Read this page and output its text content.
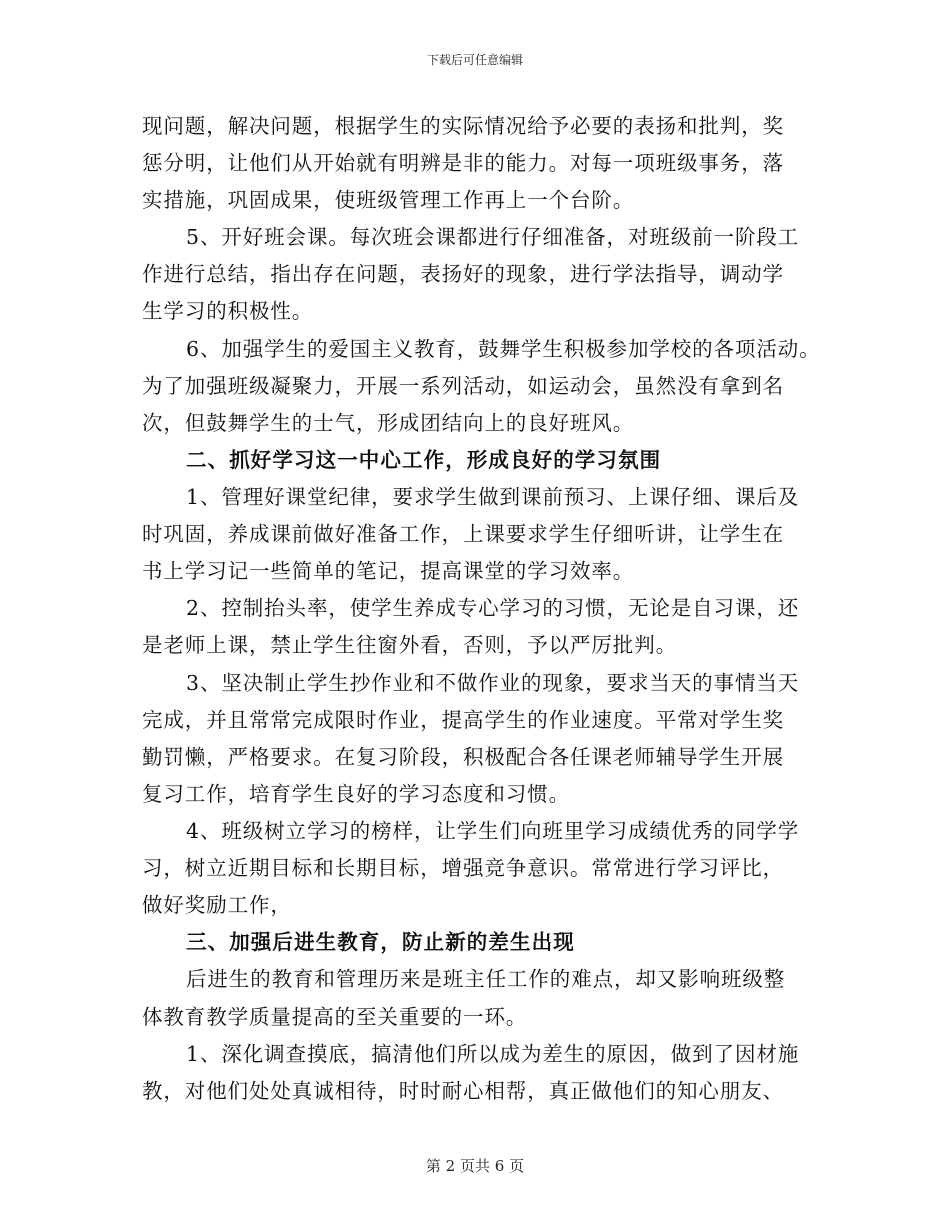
下载后可任意编辑
现问题，解决问题，根据学生的实际情况给予必要的表扬和批判，奖
惩分明，让他们从开始就有明辨是非的能力。对每一项班级事务，落
实措施，巩固成果，使班级管理工作再上一个台阶。
5、开好班会课。每次班会课都进行仔细准备，对班级前一阶段工
作进行总结，指出存在问题，表扬好的现象，进行学法指导，调动学
生学习的积极性。
6、加强学生的爱国主义教育，鼓舞学生积极参加学校的各项活动。
为了加强班级凝聚力，开展一系列活动，如运动会，虽然没有拿到名
次，但鼓舞学生的士气，形成团结向上的良好班风。
二、抓好学习这一中心工作，形成良好的学习氛围
1、管理好课堂纪律，要求学生做到课前预习、上课仔细、课后及
时巩固，养成课前做好准备工作，上课要求学生仔细听讲，让学生在
书上学习记一些简单的笔记，提高课堂的学习效率。
2、控制抬头率，使学生养成专心学习的习惯，无论是自习课，还
是老师上课，禁止学生往窗外看，否则，予以严厉批判。
3、坚决制止学生抄作业和不做作业的现象，要求当天的事情当天
完成，并且常常完成限时作业，提高学生的作业速度。平常对学生奖
勤罚懒，严格要求。在复习阶段，积极配合各任课老师辅导学生开展
复习工作，培育学生良好的学习态度和习惯。
4、班级树立学习的榜样，让学生们向班里学习成绩优秀的同学学
习，树立近期目标和长期目标，增强竞争意识。常常进行学习评比，
做好奖励工作，
三、加强后进生教育，防止新的差生出现
后进生的教育和管理历来是班主任工作的难点，却又影响班级整
体教育教学质量提高的至关重要的一环。
1、深化调查摸底，搞清他们所以成为差生的原因，做到了因材施
教，对他们处处真诚相待，时时耐心相帮，真正做他们的知心朋友、
第 2 页共 6 页
